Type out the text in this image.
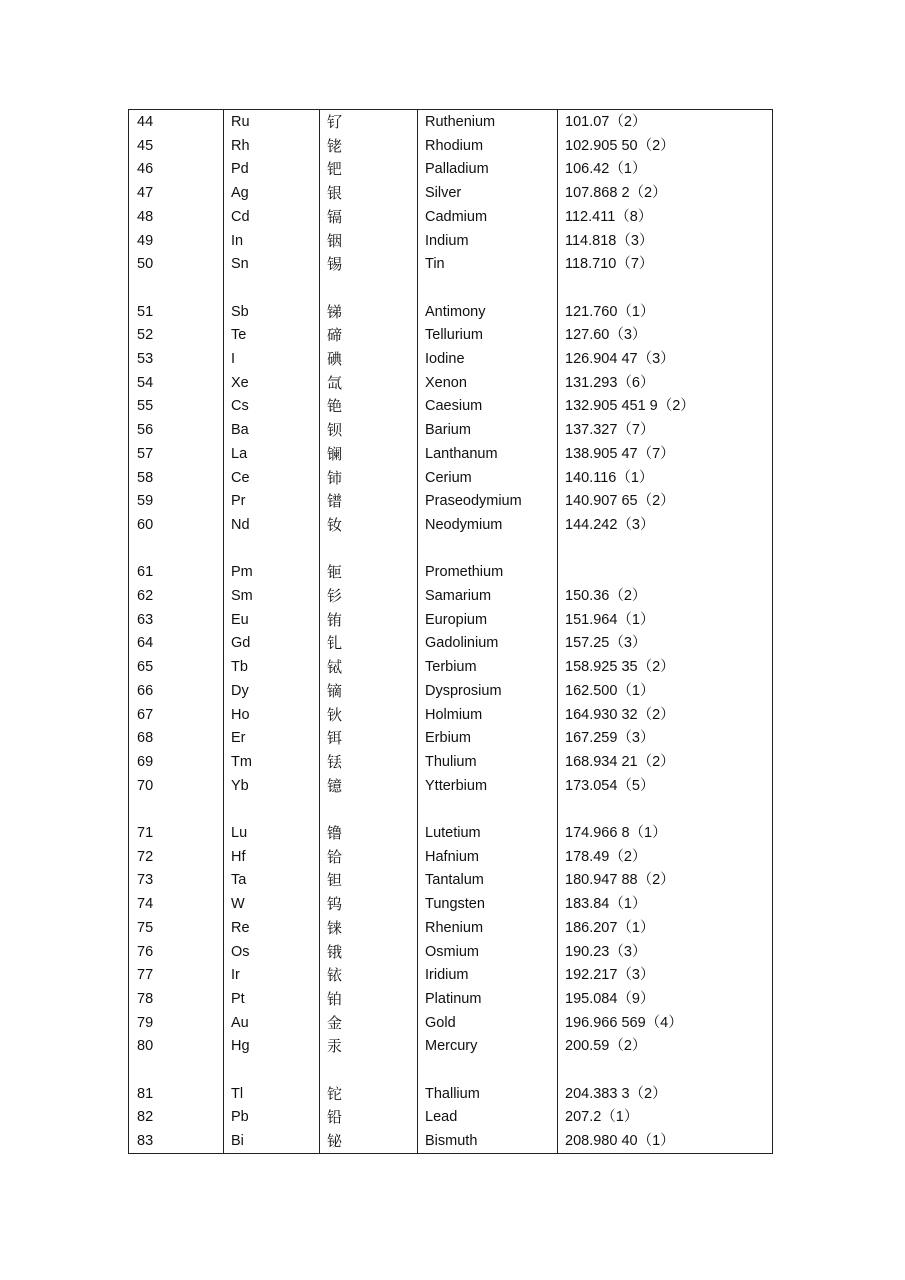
44	Ru	钌	Ruthenium	101.07（2）
45	Rh	铑	Rhodium	102.905 50（2）
46	Pd	钯	Palladium	106.42（1）
47	Ag	银	Silver	107.868 2（2）
48	Cd	镉	Cadmium	112.411（8）
49	In	铟	Indium	114.818（3）
50	Sn	锡	Tin	118.710（7）
51	Sb	锑	Antimony	121.760（1）
52	Te	碲	Tellurium	127.60（3）
53	I	碘	Iodine	126.904 47（3）
54	Xe	氙	Xenon	131.293（6）
55	Cs	铯	Caesium	132.905 451 9（2）
56	Ba	钡	Barium	137.327（7）
57	La	镧	Lanthanum	138.905 47（7）
58	Ce	铈	Cerium	140.116（1）
59	Pr	镨	Praseodymium	140.907 65（2）
60	Nd	钕	Neodymium	144.242（3）
61	Pm	钷	Promethium
62	Sm	钐	Samarium	150.36（2）
63	Eu	铕	Europium	151.964（1）
64	Gd	钆	Gadolinium	157.25（3）
65	Tb	铽	Terbium	158.925 35（2）
66	Dy	镝	Dysprosium	162.500（1）
67	Ho	钬	Holmium	164.930 32（2）
68	Er	铒	Erbium	167.259（3）
69	Tm	铥	Thulium	168.934 21（2）
70	Yb	镱	Ytterbium	173.054（5）
71	Lu	镥	Lutetium	174.966 8（1）
72	Hf	铪	Hafnium	178.49（2）
73	Ta	钽	Tantalum	180.947 88（2）
74	W	钨	Tungsten	183.84（1）
75	Re	铼	Rhenium	186.207（1）
76	Os	锇	Osmium	190.23（3）
77	Ir	铱	Iridium	192.217（3）
78	Pt	铂	Platinum	195.084（9）
79	Au	金	Gold	196.966 569（4）
80	Hg	汞	Mercury	200.59（2）
81	Tl	铊	Thallium	204.383 3（2）
82	Pb	铅	Lead	207.2（1）
83	Bi	铋	Bismuth	208.980 40（1）
